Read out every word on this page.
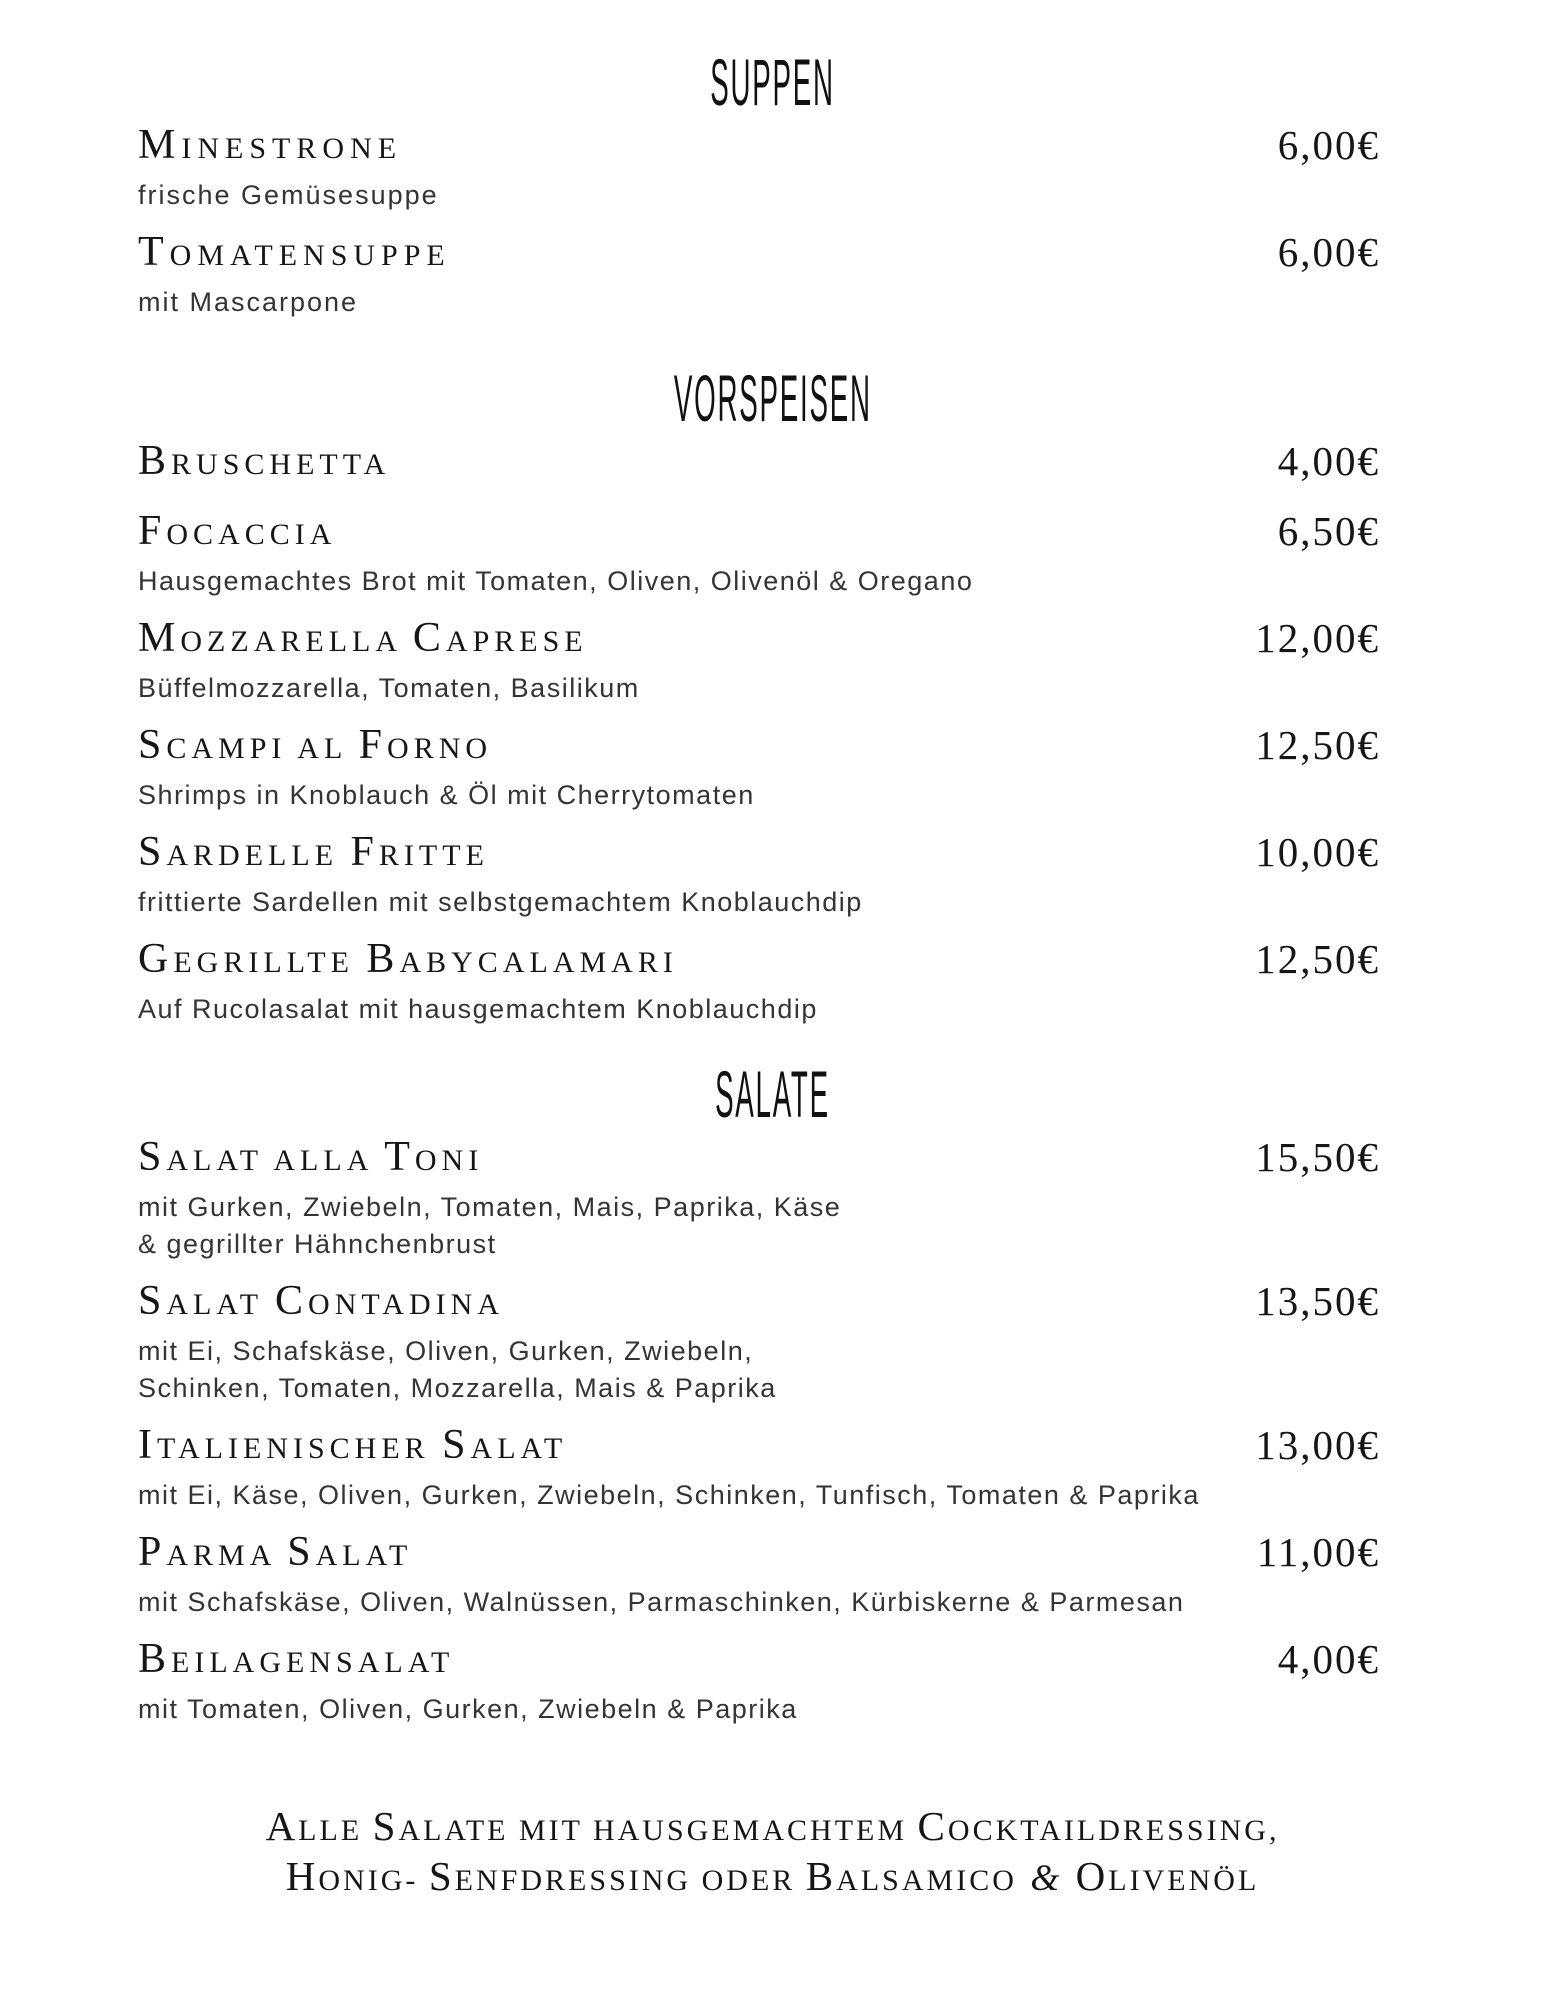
SUPPEN
MINESTRONE
frische Gemüsesuppe
6,00€
TOMATENSUPPE
mit Mascarpone
6,00€
VORSPEISEN
BRUSCHETTA	4,00€
FOCACCIA
Hausgemachtes Brot mit Tomaten, Oliven, Olivenöl & Oregano
6,50€
MOZZARELLA CAPRESE
Büffelmozzarella, Tomaten, Basilikum
12,00€
SCAMPI AL FORNO
Shrimps in Knoblauch & Öl mit Cherrytomaten
12,50€
SARDELLE FRITTE
frittierte Sardellen mit selbstgemachtem Knoblauchdip
10,00€
GEGRILLTE BABYCALAMARI
Auf Rucolasalat mit hausgemachtem Knoblauchdip
12,50€
SALATE
SALAT ALLA TONI
mit Gurken, Zwiebeln, Tomaten, Mais, Paprika, Käse
& gegrillter Hähnchenbrust
15,50€
SALAT CONTADINA
mit Ei, Schafskäse, Oliven, Gurken, Zwiebeln,
Schinken, Tomaten, Mozzarella, Mais & Paprika
13,50€
ITALIENISCHER SALAT
mit Ei, Käse, Oliven, Gurken, Zwiebeln, Schinken, Tunfisch, Tomaten & Paprika
13,00€
PARMA SALAT
mit Schafskäse, Oliven, Walnüssen, Parmaschinken, Kürbiskerne & Parmesan
11,00€
BEILAGENSALAT
mit Tomaten, Oliven, Gurken, Zwiebeln & Paprika
4,00€
ALLE SALATE MIT HAUSGEMACHTEM COCKTAILDRESSING,
HONIG- SENFDRESSING ODER BALSAMICO & OLIVENÖL
